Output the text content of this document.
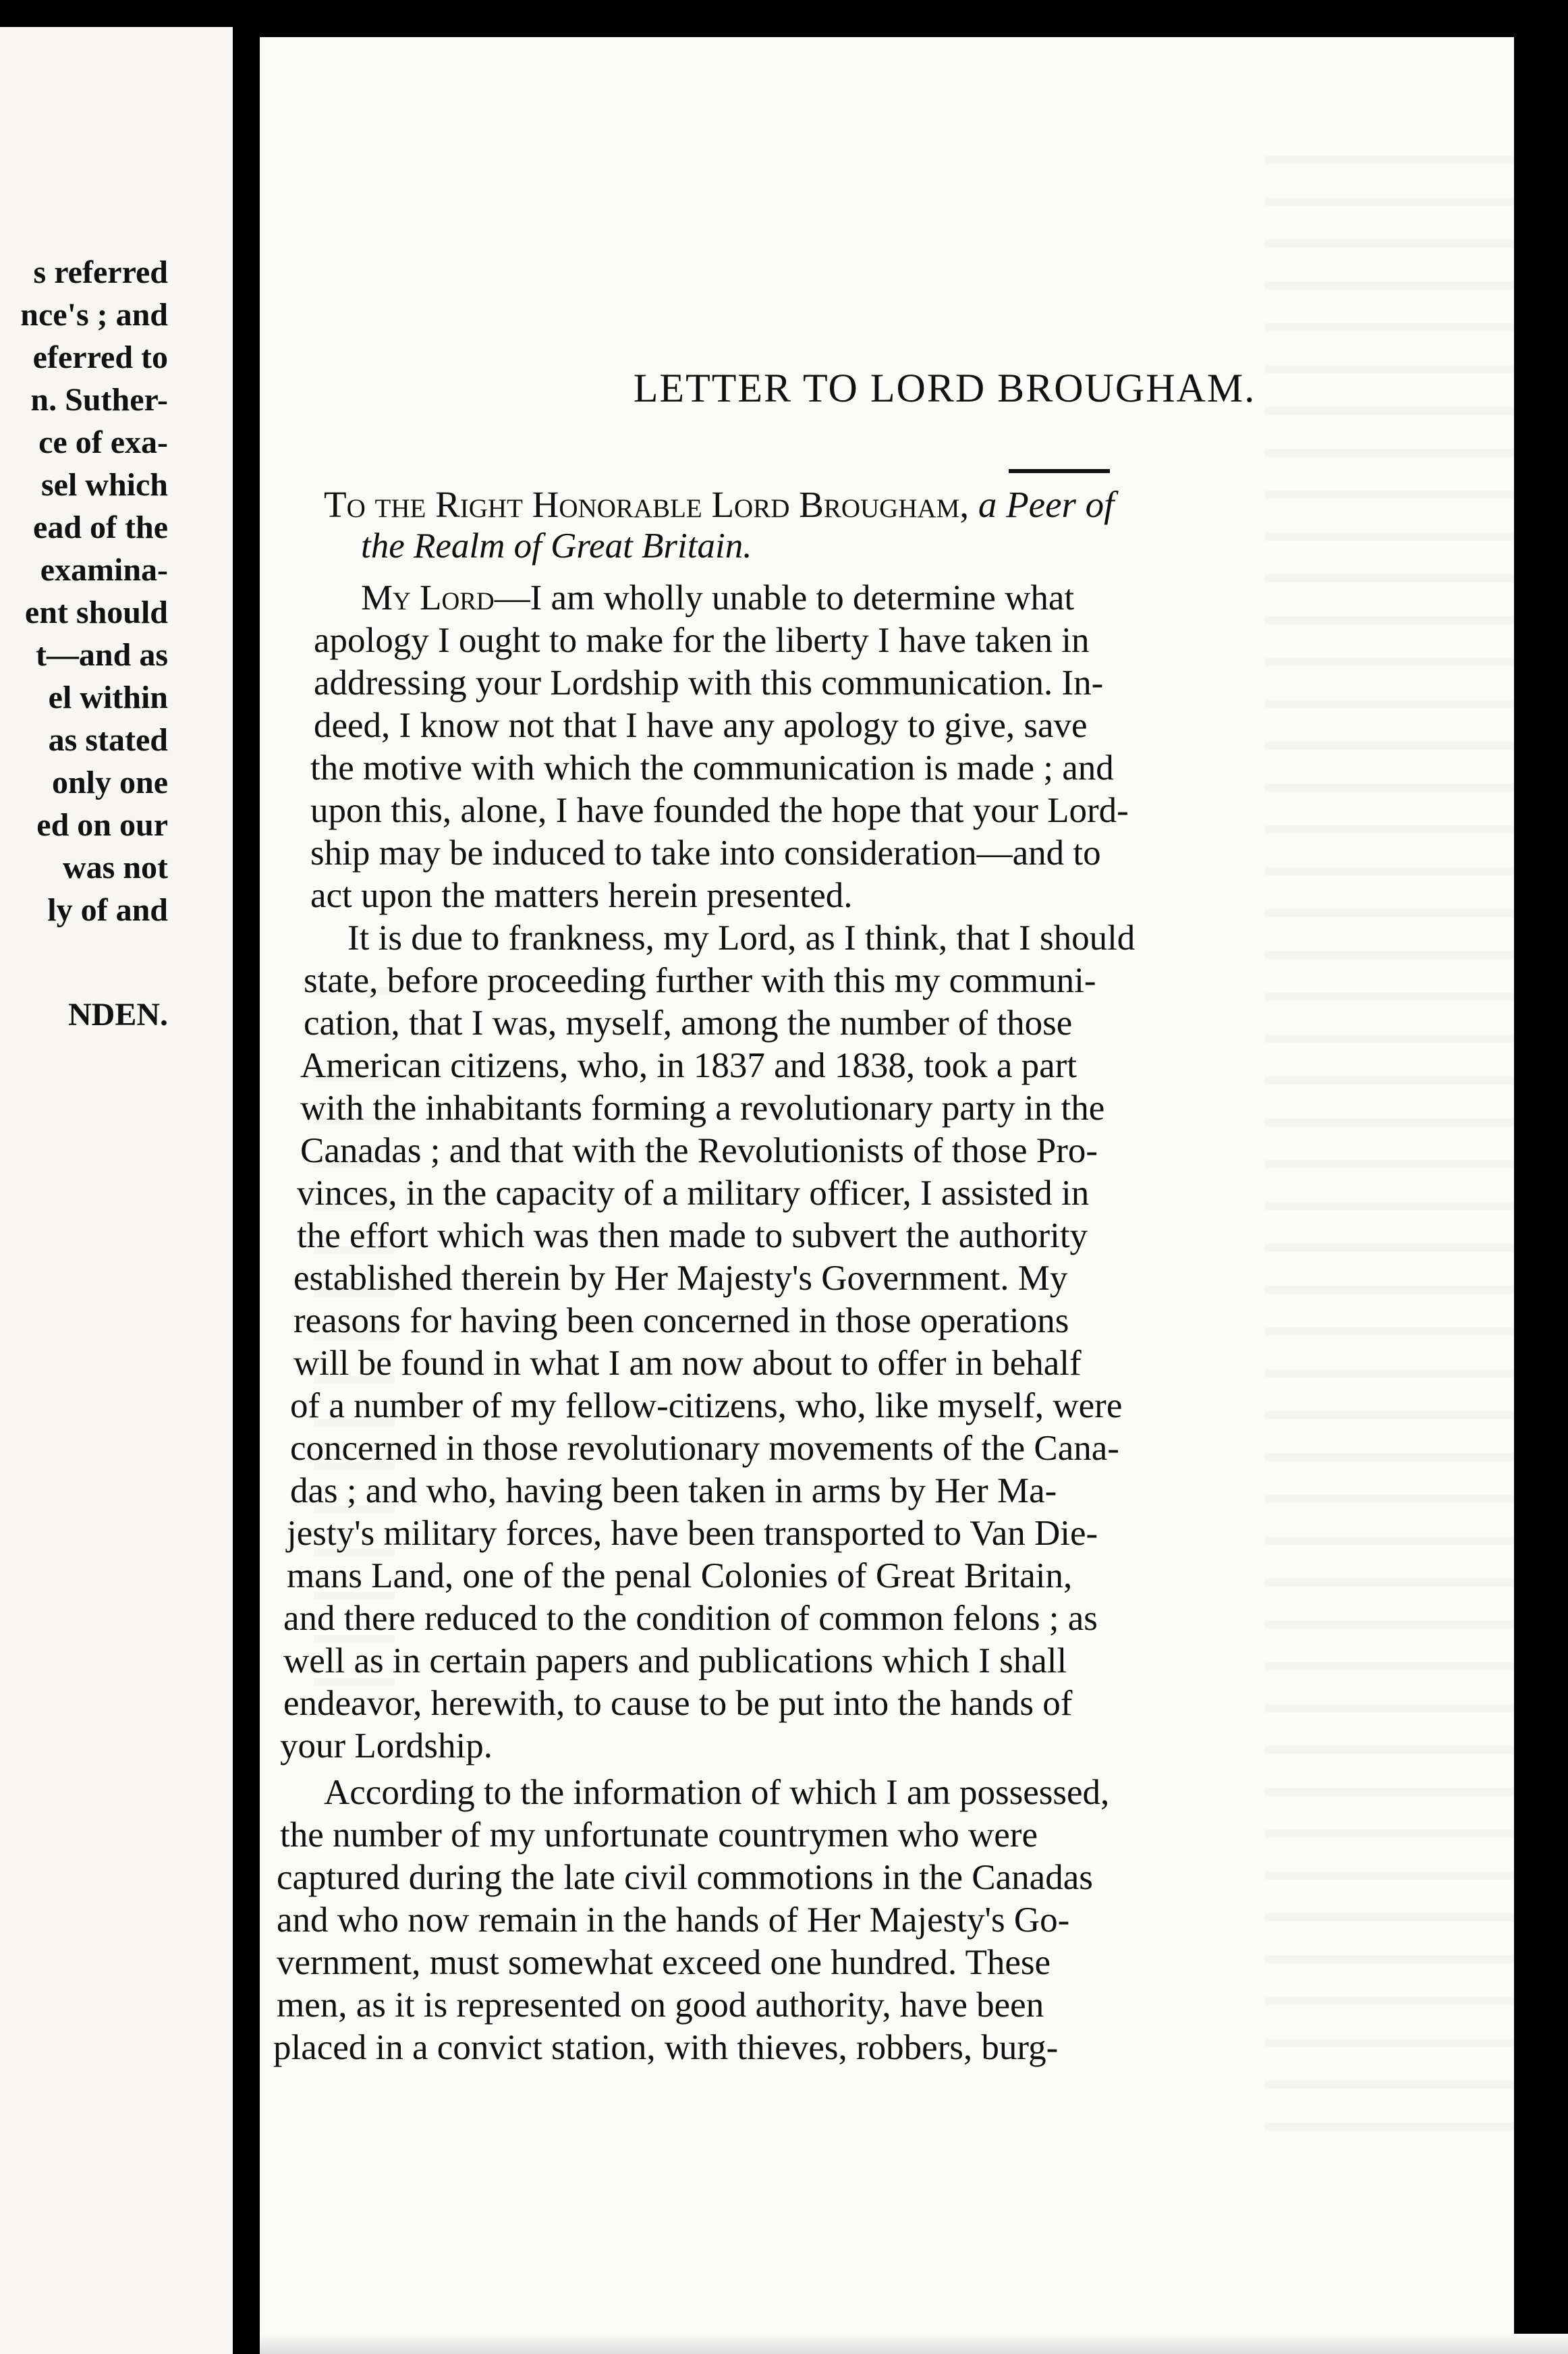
s referred
nce's ; and
eferred to
n. Suther-
ce of exa-
sel which
ead of the
examina-
ent should
t—and as
el within
as stated
only one
ed on our
was not
ly of and
NDEN.
LETTER TO LORD BROUGHAM.
To the Right Honorable Lord Brougham, a Peer of
the Realm of Great Britain.
My Lord—I am wholly unable to determine what
apology I ought to make for the liberty I have taken in
addressing your Lordship with this communication. In-
deed, I know not that I have any apology to give, save
the motive with which the communication is made ; and
upon this, alone, I have founded the hope that your Lord-
ship may be induced to take into consideration—and to
act upon the matters herein presented.
It is due to frankness, my Lord, as I think, that I should
state, before proceeding further with this my communi-
cation, that I was, myself, among the number of those
American citizens, who, in 1837 and 1838, took a part
with the inhabitants forming a revolutionary party in the
Canadas ; and that with the Revolutionists of those Pro-
vinces, in the capacity of a military officer, I assisted in
the effort which was then made to subvert the authority
established therein by Her Majesty's Government. My
reasons for having been concerned in those operations
will be found in what I am now about to offer in behalf
of a number of my fellow-citizens, who, like myself, were
concerned in those revolutionary movements of the Cana-
das ; and who, having been taken in arms by Her Ma-
jesty's military forces, have been transported to Van Die-
mans Land, one of the penal Colonies of Great Britain,
and there reduced to the condition of common felons ; as
well as in certain papers and publications which I shall
endeavor, herewith, to cause to be put into the hands of
your Lordship.
According to the information of which I am possessed,
the number of my unfortunate countrymen who were
captured during the late civil commotions in the Canadas
and who now remain in the hands of Her Majesty's Go-
vernment, must somewhat exceed one hundred. These
men, as it is represented on good authority, have been
placed in a convict station, with thieves, robbers, burg-
